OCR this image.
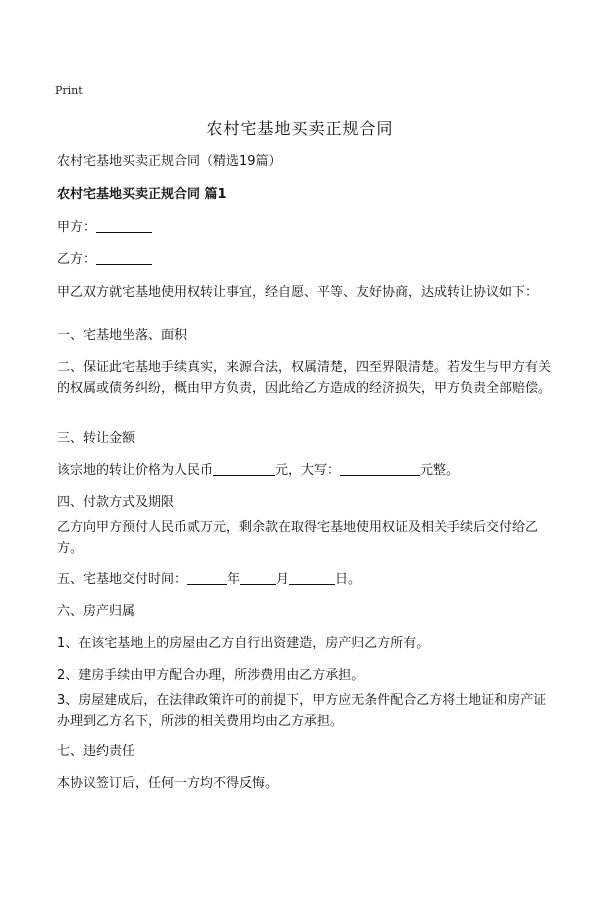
Print
农村宅基地买卖正规合同
农村宅基地买卖正规合同（精选19篇）
农村宅基地买卖正规合同 篇1
甲方：
乙方：
甲乙双方就宅基地使用权转让事宜，经自愿、平等、友好协商，达成转让协议如下：
一、宅基地坐落、面积
二、保证此宅基地手续真实，来源合法，权属清楚，四至界限清楚。若发生与甲方有关的权属或债务纠纷，概由甲方负责，因此给乙方造成的经济损失，甲方负责全部赔偿。
三、转让金额
该宗地的转让价格为人民币	元，大写：	元整。
四、付款方式及期限
乙方向甲方预付人民币贰万元，剩余款在取得宅基地使用权证及相关手续后交付给乙方。
五、宅基地交付时间：	年	月	日。
六、房产归属
1、在该宅基地上的房屋由乙方自行出资建造，房产归乙方所有。
2、建房手续由甲方配合办理，所涉费用由乙方承担。
3、房屋建成后，在法律政策许可的前提下，甲方应无条件配合乙方将土地证和房产证办理到乙方名下，所涉的相关费用均由乙方承担。
七、违约责任
本协议签订后，任何一方均不得反悔。
